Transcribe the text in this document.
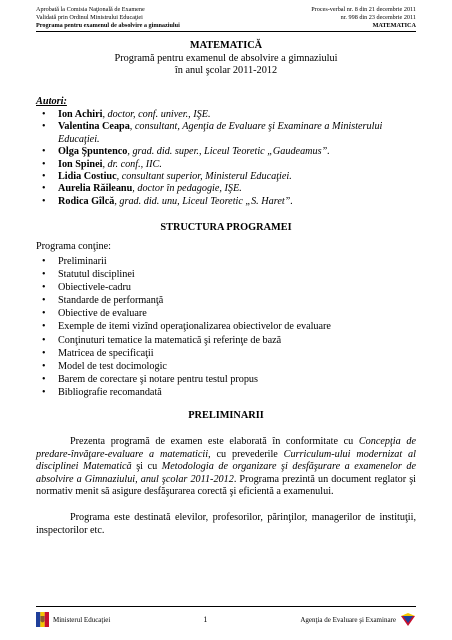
Aprobată la Comisia Naţională de Examene	Proces-verbal nr. 8 din 21 decembrie 2011
Validată prin Ordinul Ministrului Educaţiei	nr. 998 din 23 decembrie 2011
Programa pentru examenul de absolvire a gimnaziului	MATEMATICA
MATEMATICĂ
Programă pentru examenul de absolvire a gimnaziului
în anul şcolar 2011-2012
Autori:
• Ion Achiri, doctor, conf. univer., IŞE.
• Valentina Ceapa, consultant, Agenţia de Evaluare şi Examinare a Ministerului Educaţiei.
• Olga Şpuntenco, grad. did. super., Liceul Teoretic „Gaudeamus”.
• Ion Spinei, dr. conf., IIC.
• Lidia Costiuc, consultant superior, Ministerul Educaţiei.
• Aurelia Răileanu, doctor în pedagogie, IŞE.
• Rodica Gîlcă, grad. did. unu, Liceul Teoretic „S. Haret”.
STRUCTURA PROGRAMEI
Programa conţine:
• Preliminarii
• Statutul disciplinei
• Obiectivele-cadru
• Standarde de performanţă
• Obiective de evaluare
• Exemple de itemi vizînd operaţionalizarea obiectivelor de evaluare
• Conţinuturi tematice la matematică şi referinţe de bază
• Matricea de specificaţii
• Model de test docimologic
• Barem de corectare şi notare pentru testul propus
• Bibliografie recomandată
PRELIMINARII
Prezenta programă de examen este elaborată în conformitate cu Concepţia de predare-învăţare-evaluare a matematicii, cu prevederile Curriculum-ului modernizat al disciplinei Matematică şi cu Metodologia de organizare şi desfăşurare a examenelor de absolvire a Gimnaziului, anul şcolar 2011-2012. Programa prezintă un document reglator şi normativ menit să asigure desfăşurarea corectă şi eficientă a examenului.
Programa este destinată elevilor, profesorilor, părinţilor, managerilor de instituţii, inspectorilor etc.
Ministerul Educaţiei	1	Agenţia de Evaluare şi Examinare
